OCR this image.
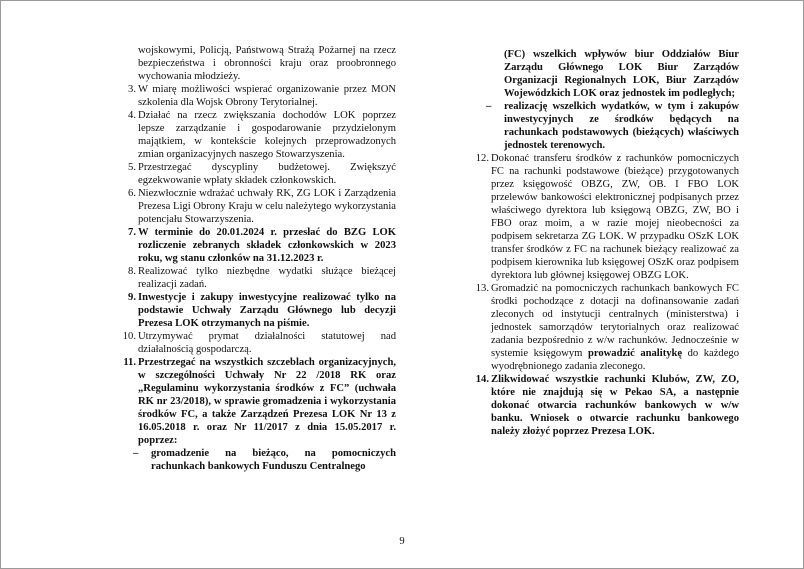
wojskowymi, Policją, Państwową Strażą Pożarnej na rzecz bezpieczeństwa i obronności kraju oraz proobronnego wychowania młodzieży.

3. W miarę możliwości wspierać organizowanie przez MON szkolenia dla Wojsk Obrony Terytorialnej.
4. Działać na rzecz zwiększania dochodów LOK poprzez lepsze zarządzanie i gospodarowanie przydzielonym majątkiem, w kontekście kolejnych przeprowadzonych zmian organizacyjnych naszego Stowarzyszenia.
5. Przestrzegać dyscypliny budżetowej. Zwiększyć egzekwowanie wpłaty składek członkowskich.
6. Niezwłocznie wdrażać uchwały RK, ZG LOK i Zarządzenia Prezesa Ligi Obrony Kraju w celu należytego wykorzystania potencjału Stowarzyszenia.
7. W terminie do 20.01.2024 r. przesłać do BZG LOK rozliczenie zebranych składek członkowskich w 2023 roku, wg stanu członków na 31.12.2023 r.
8. Realizować tylko niezbędne wydatki służące bieżącej realizacji zadań.
9. Inwestycje i zakupy inwestycyjne realizować tylko na podstawie Uchwały Zarządu Głównego lub decyzji Prezesa LOK otrzymanych na piśmie.
10. Utrzymywać prymat działalności statutowej nad działalnością gospodarczą.
11. Przestrzegać na wszystkich szczeblach organizacyjnych, w szczególności Uchwały Nr 22 /2018 RK oraz „Regulaminu wykorzystania środków z FC” (uchwała RK nr 23/2018), w sprawie gromadzenia i wykorzystania środków FC, a także Zarządzeń Prezesa LOK Nr 13 z 16.05.2018 r. oraz Nr 11/2017 z dnia 15.05.2017 r. poprzez:
– gromadzenie na bieżąco, na pomocniczych rachunkach bankowych Funduszu Centralnego

(FC) wszelkich wpływów biur Oddziałów Biur Zarządu Głównego LOK Biur Zarządów Organizacji Regionalnych LOK, Biur Zarządów Wojewódzkich LOK oraz jednostek im podległych;

– realizację wszelkich wydatków, w tym i zakupów inwestycyjnych ze środków będących na rachunkach podstawowych (bieżących) właściwych jednostek terenowych.
12. Dokonać transferu środków z rachunków pomocniczych FC na rachunki podstawowe (bieżące) przygotowanych przez księgowość OBZG, ZW, OB. I FBO LOK przelewów bankowości elektronicznej podpisanych przez właściwego dyrektora lub księgową OBZG, ZW, BO i FBO oraz moim, a w razie mojej nieobecności za podpisem sekretarza ZG LOK. W przypadku OSzK LOK transfer środków z FC na rachunek bieżący realizować za podpisem kierownika lub księgowej OSzK oraz podpisem dyrektora lub głównej księgowej OBZG LOK.
13. Gromadzić na pomocniczych rachunkach bankowych FC środki pochodzące z dotacji na dofinansowanie zadań zleconych od instytucji centralnych (ministerstwa) i jednostek samorządów terytorialnych oraz realizować zadania bezpośrednio z w/w rachunków. Jednocześnie w systemie księgowym prowadzić analitykę do każdego wyodrębnionego zadania zleconego.
14. Zlikwidować wszystkie rachunki Klubów, ZW, ZO, które nie znajdują się w Pekao SA, a następnie dokonać otwarcia rachunków bankowych w w/w banku. Wniosek o otwarcie rachunku bankowego należy złożyć poprzez Prezesa LOK.
9
